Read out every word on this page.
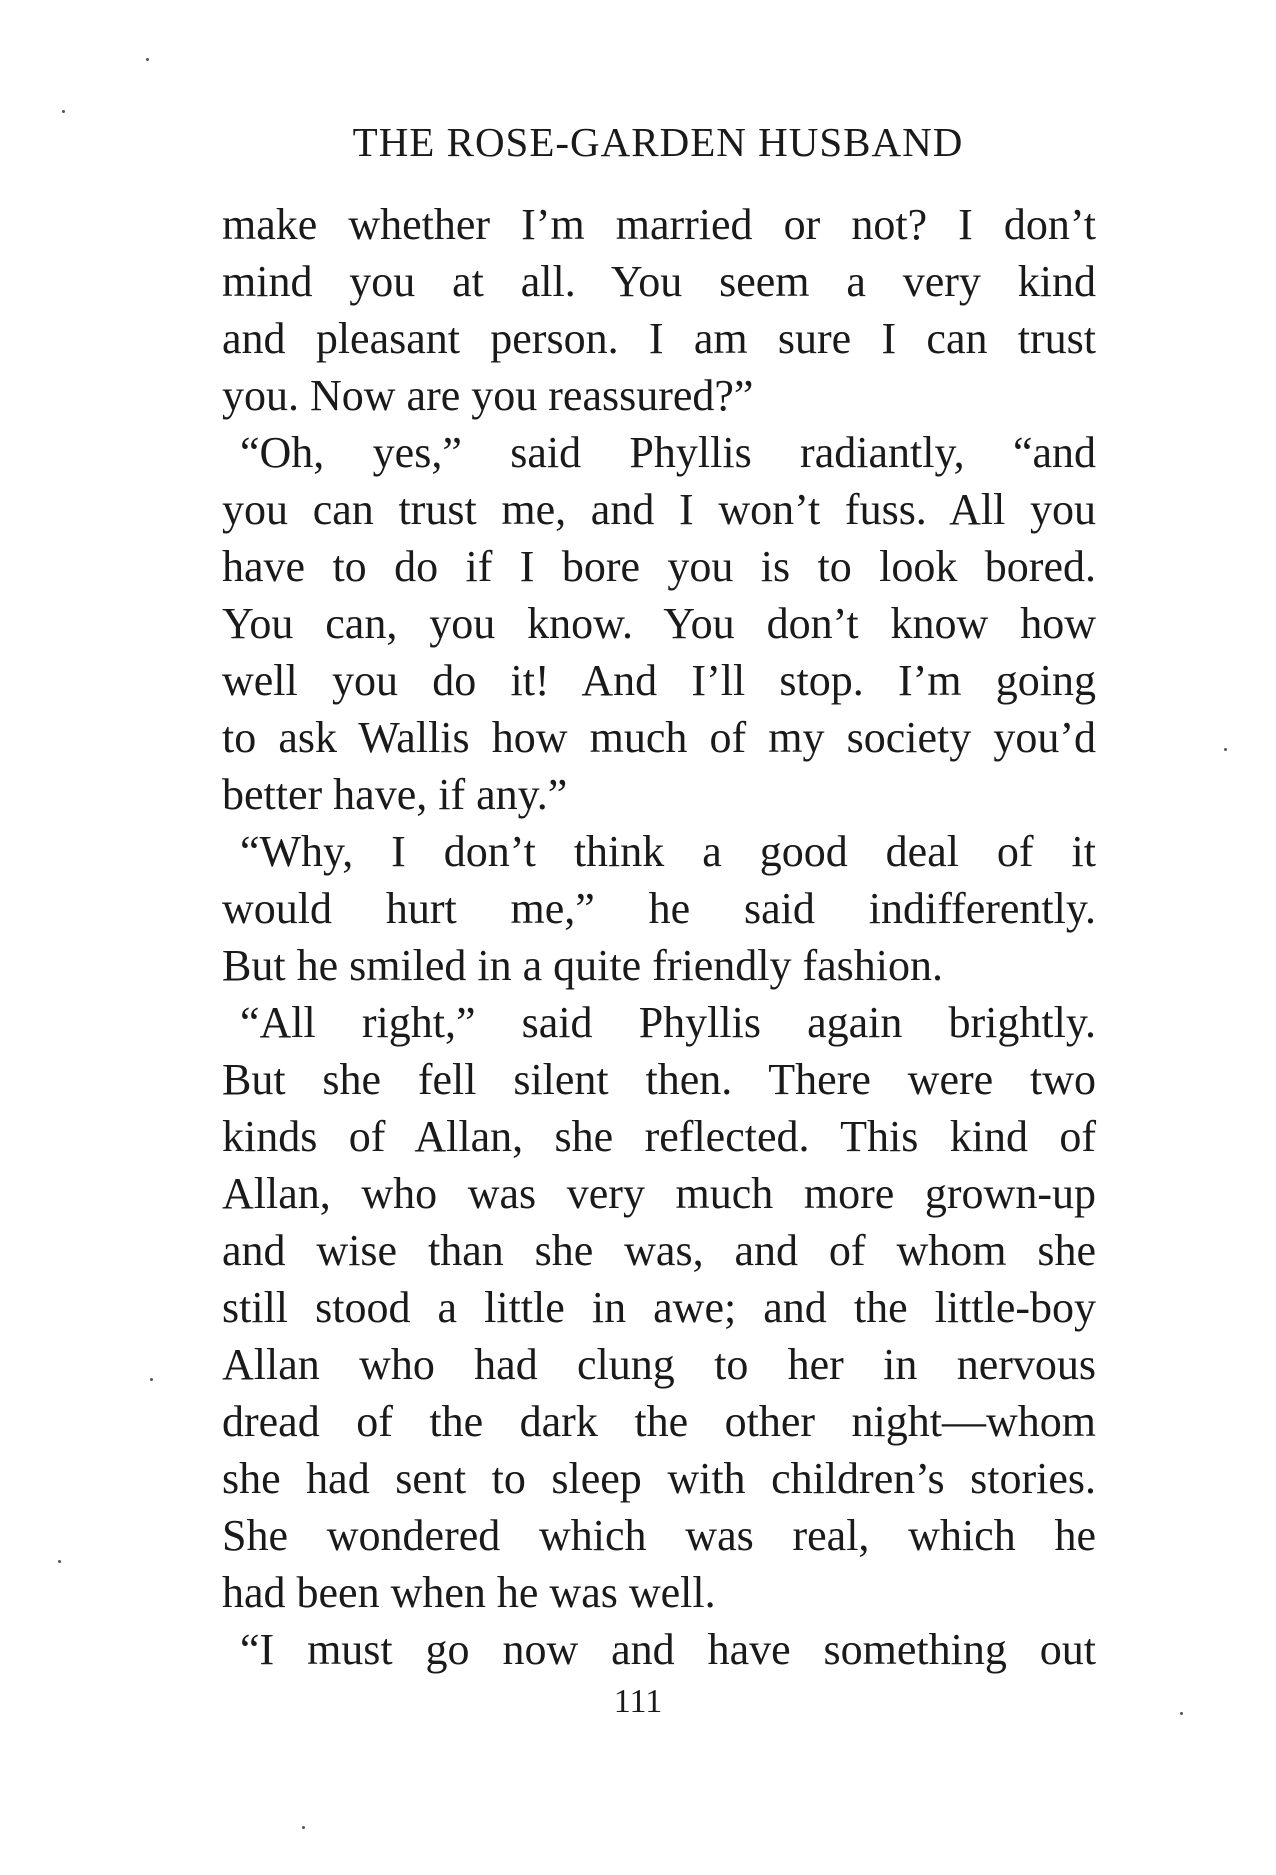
THE ROSE-GARDEN HUSBAND
make whether I’m married or not? I don’t
mind you at all. You seem a very kind
and pleasant person. I am sure I can trust
you. Now are you reassured?”
“Oh, yes,” said Phyllis radiantly, “and
you can trust me, and I won’t fuss. All you
have to do if I bore you is to look bored.
You can, you know. You don’t know how
well you do it! And I’ll stop. I’m going
to ask Wallis how much of my society you’d
better have, if any.”
“Why, I don’t think a good deal of it
would hurt me,” he said indifferently.
But he smiled in a quite friendly fashion.
“All right,” said Phyllis again brightly.
But she fell silent then. There were two
kinds of Allan, she reflected. This kind of
Allan, who was very much more grown-up
and wise than she was, and of whom she
still stood a little in awe; and the little-boy
Allan who had clung to her in nervous
dread of the dark the other night—whom
she had sent to sleep with children’s stories.
She wondered which was real, which he
had been when he was well.
“I must go now and have something out
111
